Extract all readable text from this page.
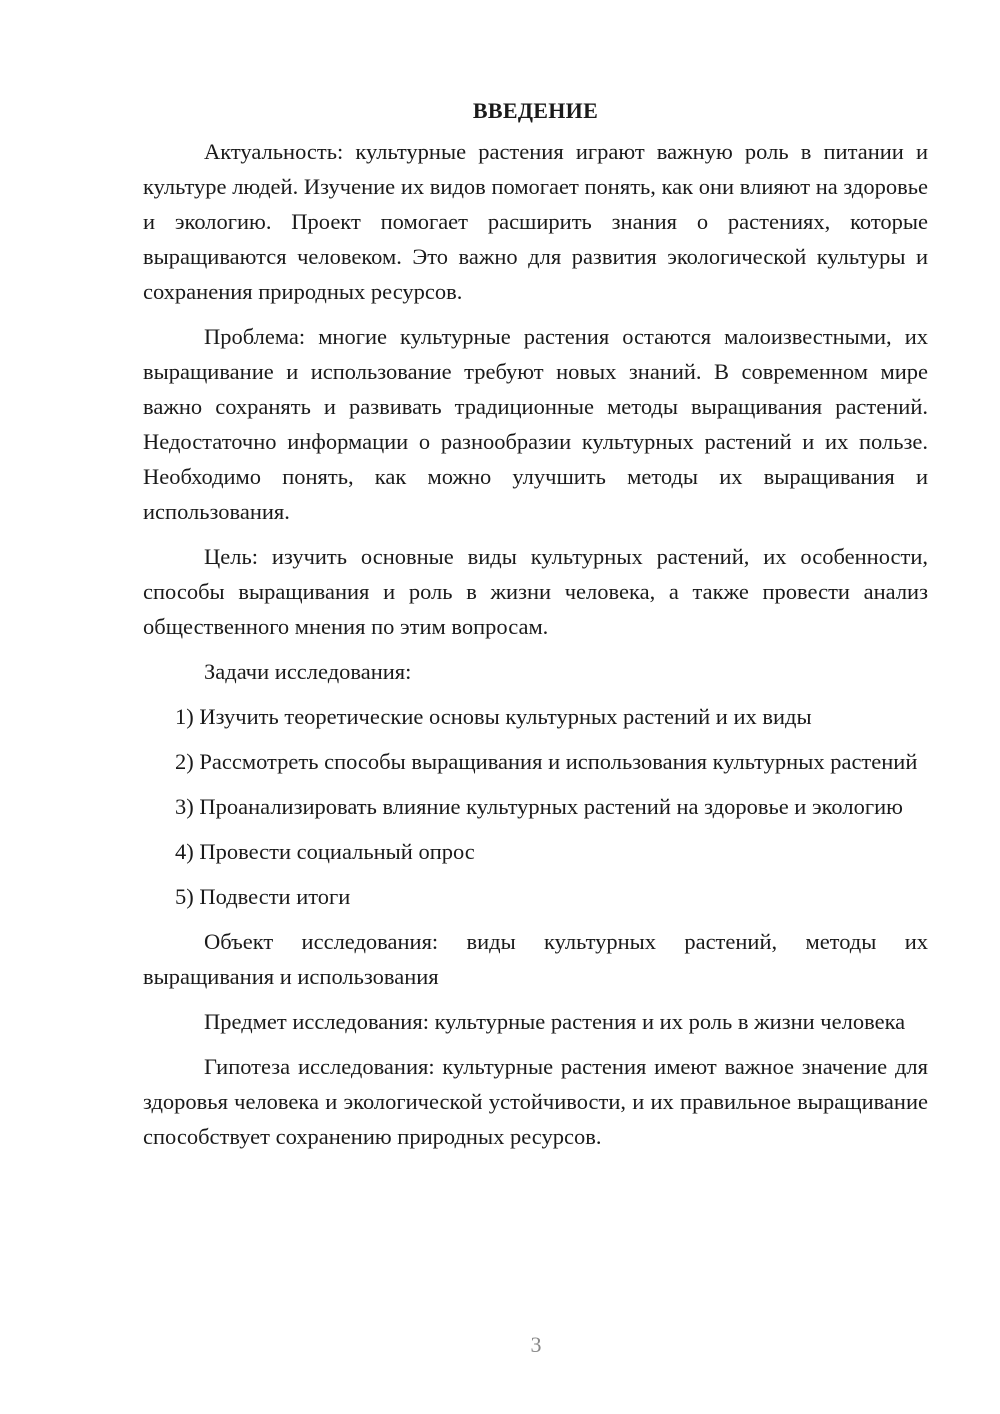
ВВЕДЕНИЕ

Актуальность: культурные растения играют важную роль в питании и культуре людей. Изучение их видов помогает понять, как они влияют на здоровье и экологию. Проект помогает расширить знания о растениях, которые выращиваются человеком. Это важно для развития экологической культуры и сохранения природных ресурсов.

Проблема: многие культурные растения остаются малоизвестными, их выращивание и использование требуют новых знаний. В современном мире важно сохранять и развивать традиционные методы выращивания растений. Недостаточно информации о разнообразии культурных растений и их пользе. Необходимо понять, как можно улучшить методы их выращивания и использования.

Цель: изучить основные виды культурных растений, их особенности, способы выращивания и роль в жизни человека, а также провести анализ общественного мнения по этим вопросам.

Задачи исследования:

1) Изучить теоретические основы культурных растений и их виды

2) Рассмотреть способы выращивания и использования культурных растений

3) Проанализировать влияние культурных растений на здоровье и экологию

4) Провести социальный опрос

5) Подвести итоги

Объект исследования: виды культурных растений, методы их выращивания и использования

Предмет исследования: культурные растения и их роль в жизни человека

Гипотеза исследования: культурные растения имеют важное значение для здоровья человека и экологической устойчивости, и их правильное выращивание способствует сохранению природных ресурсов.

3
